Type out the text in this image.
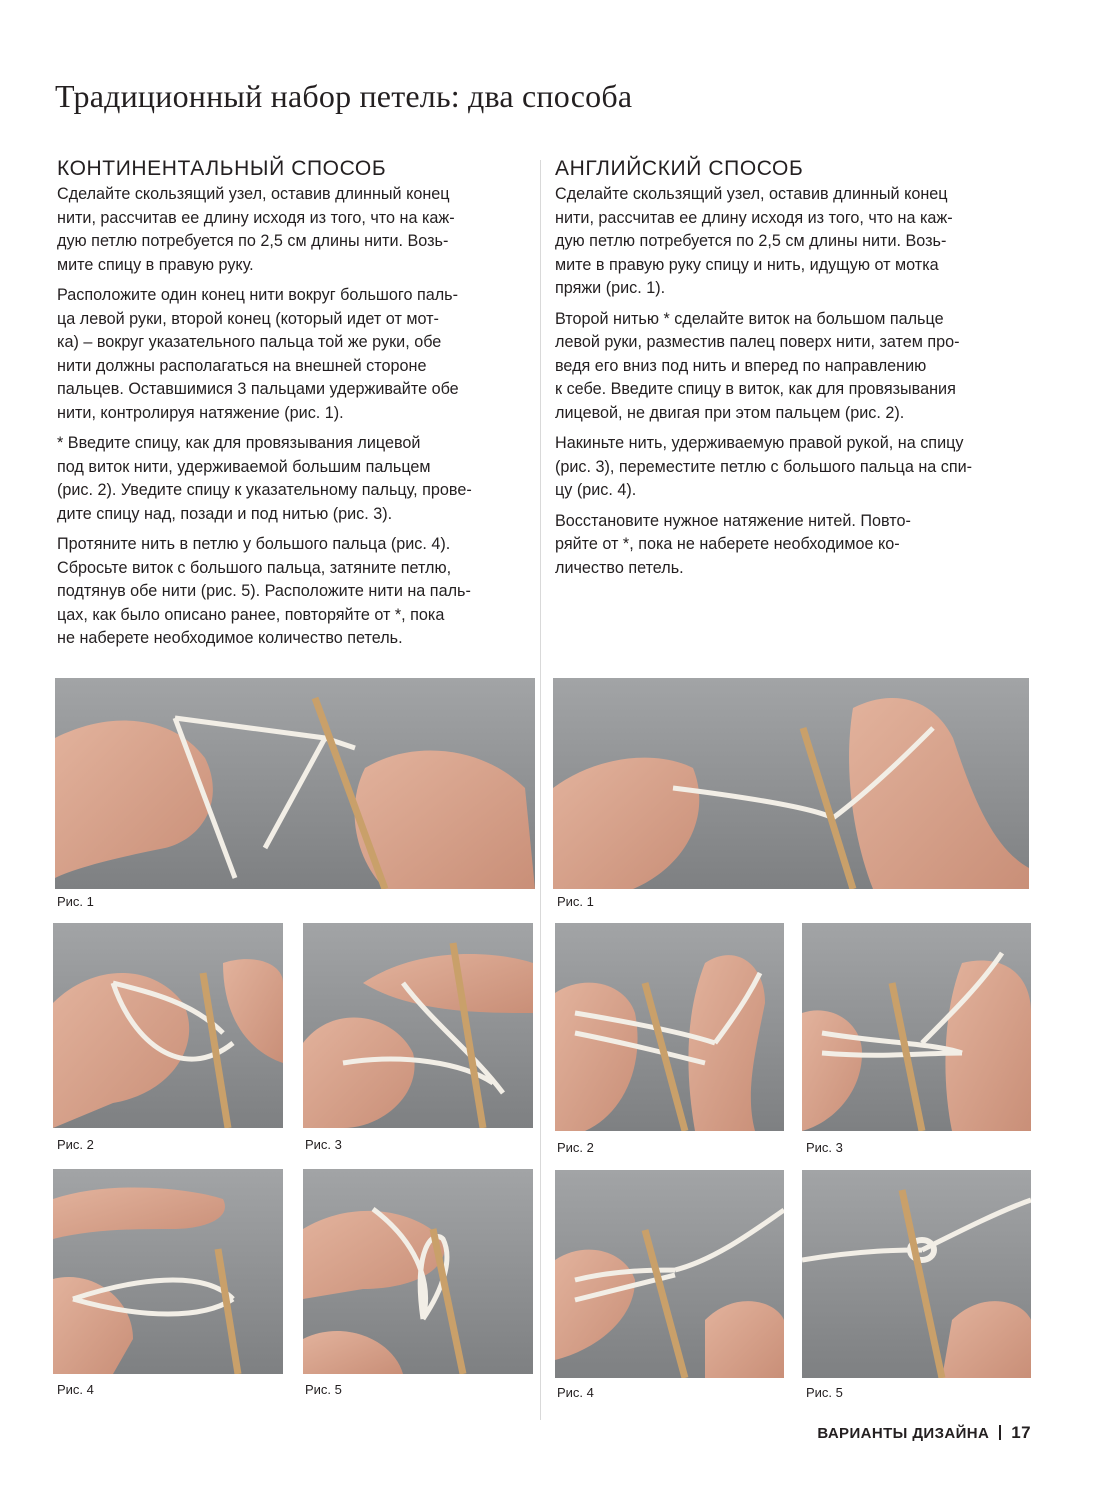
Традиционный набор петель: два способа
КОНТИНЕНТАЛЬНЫЙ СПОСОБ

Сделайте скользящий узел, оставив длинный конец
нити, рассчитав ее длину исходя из того, что на каж-
дую петлю потребуется по 2,5 см длины нити. Возь-
мите спицу в правую руку.

Расположите один конец нити вокруг большого паль-
ца левой руки, второй конец (который идет от мот-
ка) – вокруг указательного пальца той же руки, обе
нити должны располагаться на внешней стороне
пальцев. Оставшимися 3 пальцами удерживайте обе
нити, контролируя натяжение (рис. 1).

* Введите спицу, как для провязывания лицевой
под виток нити, удерживаемой большим пальцем
(рис. 2). Уведите спицу к указательному пальцу, прове-
дите спицу над, позади и под нитью (рис. 3).

Протяните нить в петлю у большого пальца (рис. 4).
Сбросьте виток с большого пальца, затяните петлю,
подтянув обе нити (рис. 5). Расположите нити на паль-
цах, как было описано ранее, повторяйте от *, пока
не наберете необходимое количество петель.

АНГЛИЙСКИЙ СПОСОБ

Сделайте скользящий узел, оставив длинный конец
нити, рассчитав ее длину исходя из того, что на каж-
дую петлю потребуется по 2,5 см длины нити. Возь-
мите в правую руку спицу и нить, идущую от мотка
пряжи (рис. 1).

Второй нитью * сделайте виток на большом пальце
левой руки, разместив палец поверх нити, затем про-
ведя его вниз под нить и вперед по направлению
к себе. Введите спицу в виток, как для провязывания
лицевой, не двигая при этом пальцем (рис. 2).

Накиньте нить, удерживаемую правой рукой, на спицу
(рис. 3), переместите петлю с большого пальца на спи-
цу (рис. 4).

Восстановите нужное натяжение нитей. Повто-
ряйте от *, пока не наберете необходимое ко-
личество петель.

Рис. 1
Рис. 2	Рис. 3
Рис. 4	Рис. 5
Рис. 1
Рис. 2	Рис. 3
Рис. 4	Рис. 5
ВАРИАНТЫ ДИЗАЙНА 17
